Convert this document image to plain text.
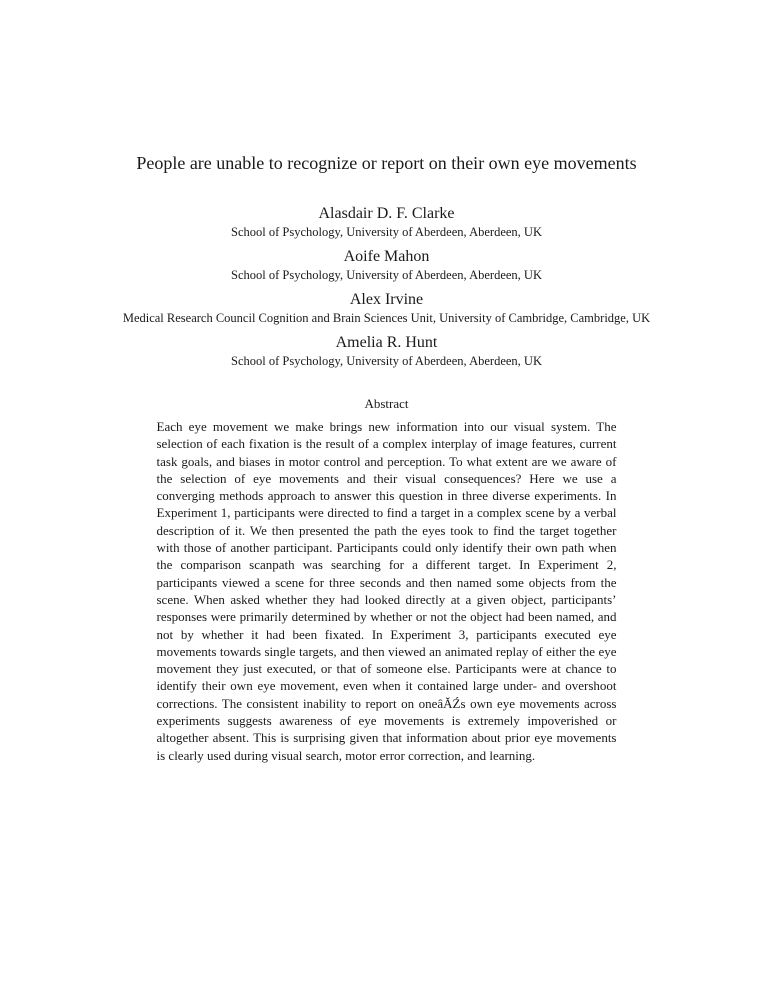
People are unable to recognize or report on their own eye movements
Alasdair D. F. Clarke
School of Psychology, University of Aberdeen, Aberdeen, UK
Aoife Mahon
School of Psychology, University of Aberdeen, Aberdeen, UK
Alex Irvine
Medical Research Council Cognition and Brain Sciences Unit, University of Cambridge, Cambridge, UK
Amelia R. Hunt
School of Psychology, University of Aberdeen, Aberdeen, UK
Abstract

Each eye movement we make brings new information into our visual system. The selection of each fixation is the result of a complex interplay of image features, current task goals, and biases in motor control and perception. To what extent are we aware of the selection of eye movements and their visual consequences? Here we use a converging methods approach to answer this question in three diverse experiments. In Experiment 1, participants were directed to find a target in a complex scene by a verbal description of it. We then presented the path the eyes took to find the target together with those of another participant. Participants could only identify their own path when the comparison scanpath was searching for a different target. In Experiment 2, participants viewed a scene for three seconds and then named some objects from the scene. When asked whether they had looked directly at a given object, participants’ responses were primarily determined by whether or not the object had been named, and not by whether it had been fixated. In Experiment 3, participants executed eye movements towards single targets, and then viewed an animated replay of either the eye movement they just executed, or that of someone else. Participants were at chance to identify their own eye movement, even when it contained large under- and overshoot corrections. The consistent inability to report on oneâĂŹs own eye movements across experiments suggests awareness of eye movements is extremely impoverished or altogether absent. This is surprising given that information about prior eye movements is clearly used during visual search, motor error correction, and learning.
